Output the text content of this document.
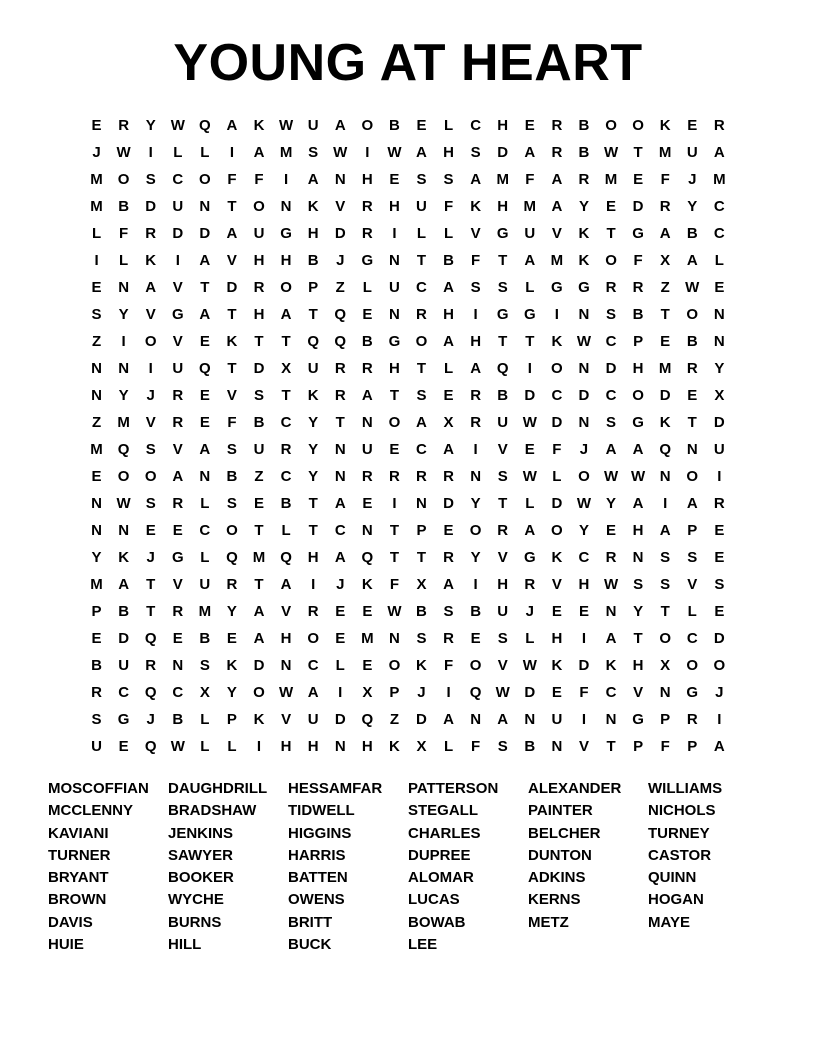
YOUNG AT HEART
E	R	Y W Q	A	K W U	A	O	B	E	L	C	H	E	R	B	O	O	K	E	R
J	W	I	L	L	I	A	M	S W	I	W A	H	S	D	A	R	B W	T	M	U	A
M	O	S	C	O	F	F	I	A	N	H	E	S	S	A	M	F	A	R	M	E	F	J	M
M	B	D	U	N	T	O	N	K	V	R	H	U	F	K	H	M	A	Y	E	D	R	Y	C
L	F	R	D	D	A	U	G	H	D	R	I	L	L	V	G	U	V	K	T	G	A	B	C
I	L	K	I	A	V	H	H	B	J	G	N	T	B	F	T	A	M	K	O	F	X	A	L
E	N	A	V	T	D	R	O	P	Z	L	U	C	A	S	S	L	G	G	R	R	Z	W E
S	Y	V	G	A	T	H	A	T	Q	E	N	R	H	I	G	G	I	N	S	B	T	O	N
Z	I	O	V	E	K	T	T	Q	Q	B	G	O	A	H	T	T	K W C	P	E	B	N
N	N	I	U	Q	T	D	X	U	R	R	H	T	L	A	Q	I	O	N	D	H	M	R	Y
N	Y	J	R	E	V	S	T	K	R	A	T	S	E	R	B	D	C	D	C	O	D	E	X
Z	M	V	R	E	F	B	C	Y	T	N	O	A	X	R	U W D	N	S	G	K	T	D
M	Q	S	V	A	S	U	R	Y	N	U	E	C	A	I	V	E	F	J	A	A	Q	N	U
E	O	O	A	N	B	Z	C	Y	N	R	R	R	R	N	S W	L	O W W N	O	I
N W S	R	L	S	E	B	T	A	E	I	N	D	Y	T	L	D W Y	A	I	A	R
N	N	E	E	C	O	T	L	T	C	N	T	P	E	O	R	A	O	Y	E	H	A	P	E
Y	K	J	G	L	Q M	Q	H	A	Q	T	T	R	Y	V	G	K	C	R	N	S	S	E
M	A	T	V	U	R	T	A	I	J	K	F	X	A	I	H	R	V	H W S	S	V	S
P	B	T	R	M	Y	A	V	R	E	E W B	S	B	U	J	E	E	N	Y	T	L	E
E	D	Q	E	B	E	A	H	O	E	M	N	S	R	E	S	L	H	I	A	T	O	C	D
B	U	R	N	S	K	D	N	C	L	E	O	K	F	O	V W K	D	K	H	X	O	O
R	C	Q	C	X	Y	O W A	I	X	P	J	I	Q W D	E	F	C	V	N	G	J
S	G	J	B	L	P	K	V	U	D	Q	Z	D	A	N	A	N	U	I	N	G	P	R	I
U	E	Q W	L	L	I	H	H	N	H	K	X	L	F	S	B	N	V	T	P	F	P	A
MOSCOFFIAN	DAUGHDRILL	HESSAMFAR	PATTERSON	ALEXANDER	WILLIAMS
MCCLENNY	BRADSHAW	TIDWELL	STEGALL	PAINTER	NICHOLS
KAVIANI	JENKINS	HIGGINS	CHARLES	BELCHER	TURNEY
TURNER	SAWYER	HARRIS	DUPREE	DUNTON	CASTOR
BRYANT	BOOKER	BATTEN	ALOMAR	ADKINS	QUINN
BROWN	WYCHE	OWENS	LUCAS	KERNS	HOGAN
DAVIS	BURNS	BRITT	BOWAB	METZ	MAYE
HUIE	HILL	BUCK	LEE
